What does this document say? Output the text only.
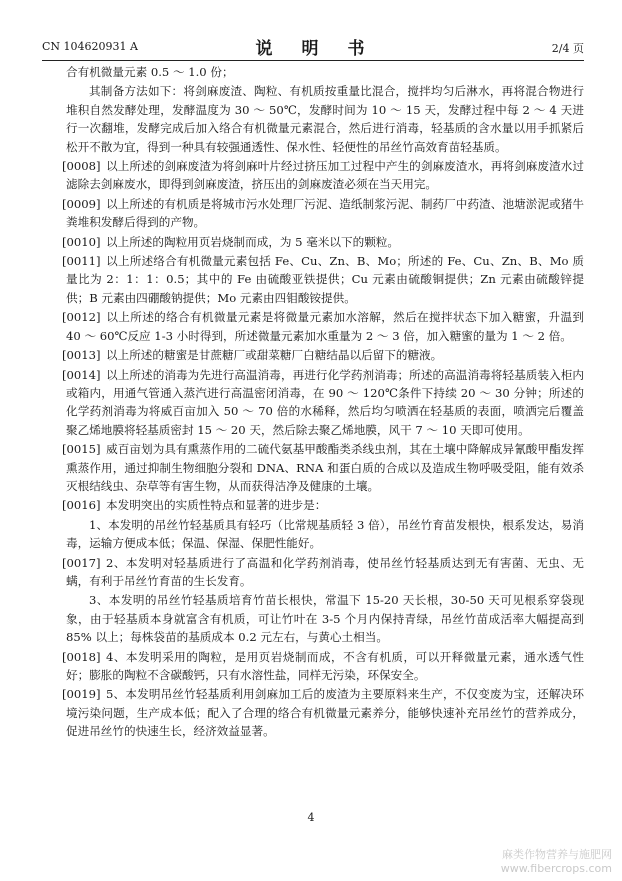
CN 104620931 A	说　明　书	2/4 页

合有机微量元素 0.5 ～ 1.0 份；

其制备方法如下：将剑麻废渣、陶粒、有机质按重量比混合，搅拌均匀后淋水，再将混合物进行堆积自然发酵处理，发酵温度为 30 ～ 50℃，发酵时间为 10 ～ 15 天，发酵过程中每 2 ～ 4 天进行一次翻堆，发酵完成后加入络合有机微量元素混合，然后进行消毒，轻基质的含水量以用手抓紧后松开不散为宜，得到一种具有较强通透性、保水性、轻便性的吊丝竹高效育苗轻基质。

[0008] 以上所述的剑麻废渣为将剑麻叶片经过挤压加工过程中产生的剑麻废渣水，再将剑麻废渣水过滤除去剑麻废水，即得到剑麻废渣，挤压出的剑麻废渣必须在当天用完。

[0009] 以上所述的有机质是将城市污水处理厂污泥、造纸制浆污泥、制药厂中药渣、池塘淤泥或猪牛粪堆积发酵后得到的产物。

[0010] 以上所述的陶粒用页岩烧制而成，为 5 毫米以下的颗粒。

[0011] 以上所述络合有机微量元素包括 Fe、Cu、Zn、B、Mo；所述的 Fe、Cu、Zn、B、Mo 质量比为 2：1：1：0.5；其中的 Fe 由硫酸亚铁提供；Cu 元素由硫酸铜提供；Zn 元素由硫酸锌提供；B 元素由四硼酸钠提供；Mo 元素由四钼酸铵提供。

[0012] 以上所述的络合有机微量元素是将微量元素加水溶解，然后在搅拌状态下加入糖蜜，升温到 40 ～ 60℃反应 1-3 小时得到，所述微量元素加水重量为 2 ～ 3 倍，加入糖蜜的量为 1 ～ 2 倍。

[0013] 以上所述的糖蜜是甘蔗糖厂或甜菜糖厂白糖结晶以后留下的糖液。

[0014] 以上所述的消毒为先进行高温消毒，再进行化学药剂消毒；所述的高温消毒将轻基质装入柜内或箱内，用通气管通入蒸汽进行高温密闭消毒，在 90 ～ 120℃条件下持续 20 ～ 30 分钟；所述的化学药剂消毒为将威百亩加入 50 ～ 70 倍的水稀释，然后均匀喷洒在轻基质的表面，喷洒完后覆盖聚乙烯地膜将轻基质密封 15 ～ 20 天，然后除去聚乙烯地膜，风干 7 ～ 10 天即可使用。

[0015] 威百亩划为具有熏蒸作用的二硫代氨基甲酸酯类杀线虫剂，其在土壤中降解成异氰酸甲酯发挥熏蒸作用，通过抑制生物细胞分裂和 DNA、RNA 和蛋白质的合成以及造成生物呼吸受阻，能有效杀灭根结线虫、杂草等有害生物，从而获得洁净及健康的土壤。

[0016] 本发明突出的实质性特点和显著的进步是：

1、本发明的吊丝竹轻基质具有轻巧（比常规基质轻 3 倍），吊丝竹育苗发根快，根系发达，易消毒，运输方便成本低；保温、保湿、保肥性能好。

[0017] 2、本发明对轻基质进行了高温和化学药剂消毒，使吊丝竹轻基质达到无有害菌、无虫、无螨，有利于吊丝竹育苗的生长发育。

3、本发明的吊丝竹轻基质培育竹苗长根快，常温下 15-20 天长根，30-50 天可见根系穿袋现象，由于轻基质本身就富含有机质，可让竹叶在 3-5 个月内保持青绿，吊丝竹苗成活率大幅提高到 85% 以上；每株袋苗的基质成本 0.2 元左右，与黄心土相当。

[0018] 4、本发明采用的陶粒，是用页岩烧制而成，不含有机质，可以开释微量元素，通水透气性好；膨胀的陶粒不含碳酸钙，只有水溶性盐，同样无污染，环保安全。

[0019] 5、本发明吊丝竹轻基质利用剑麻加工后的废渣为主要原料来生产，不仅变废为宝，还解决环境污染问题，生产成本低；配入了合理的络合有机微量元素养分，能够快速补充吊丝竹的营养成分，促进吊丝竹的快速生长，经济效益显著。

4
麻类作物营养与施肥网
www.fibercrops.com
